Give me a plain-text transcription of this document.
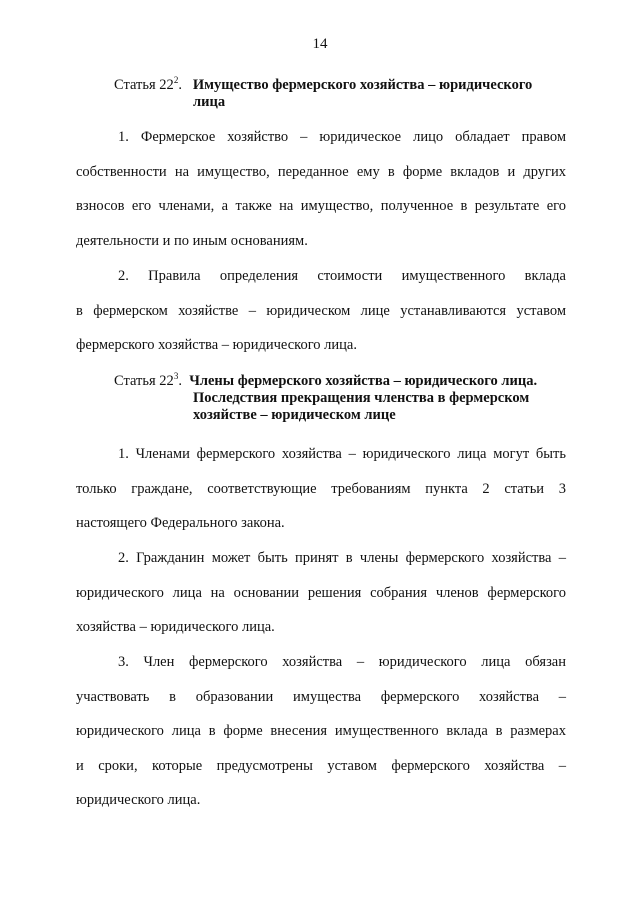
14
Статья $22^2$. Имущество фермерского хозяйства – юридического
лица
1. Фермерское хозяйство – юридическое лицо обладает правом
собственности на имущество, переданное ему в форме вкладов и других
взносов его членами, а также на имущество, полученное в результате его
деятельности и по иным основаниям.
2. Правила определения стоимости имущественного вклада
в фермерском хозяйстве – юридическом лице устанавливаются уставом
фермерского хозяйства – юридического лица.
Статья $22^3$. Члены фермерского хозяйства – юридического лица.
Последствия прекращения членства в фермерском
хозяйстве – юридическом лице
1. Членами фермерского хозяйства – юридического лица могут быть
только граждане, соответствующие требованиям пункта 2 статьи 3
настоящего Федерального закона.
2. Гражданин может быть принят в члены фермерского хозяйства –
юридического лица на основании решения собрания членов фермерского
хозяйства – юридического лица.
3. Член фермерского хозяйства – юридического лица обязан
участвовать в образовании имущества фермерского хозяйства –
юридического лица в форме внесения имущественного вклада в размерах
и сроки, которые предусмотрены уставом фермерского хозяйства –
юридического лица.
